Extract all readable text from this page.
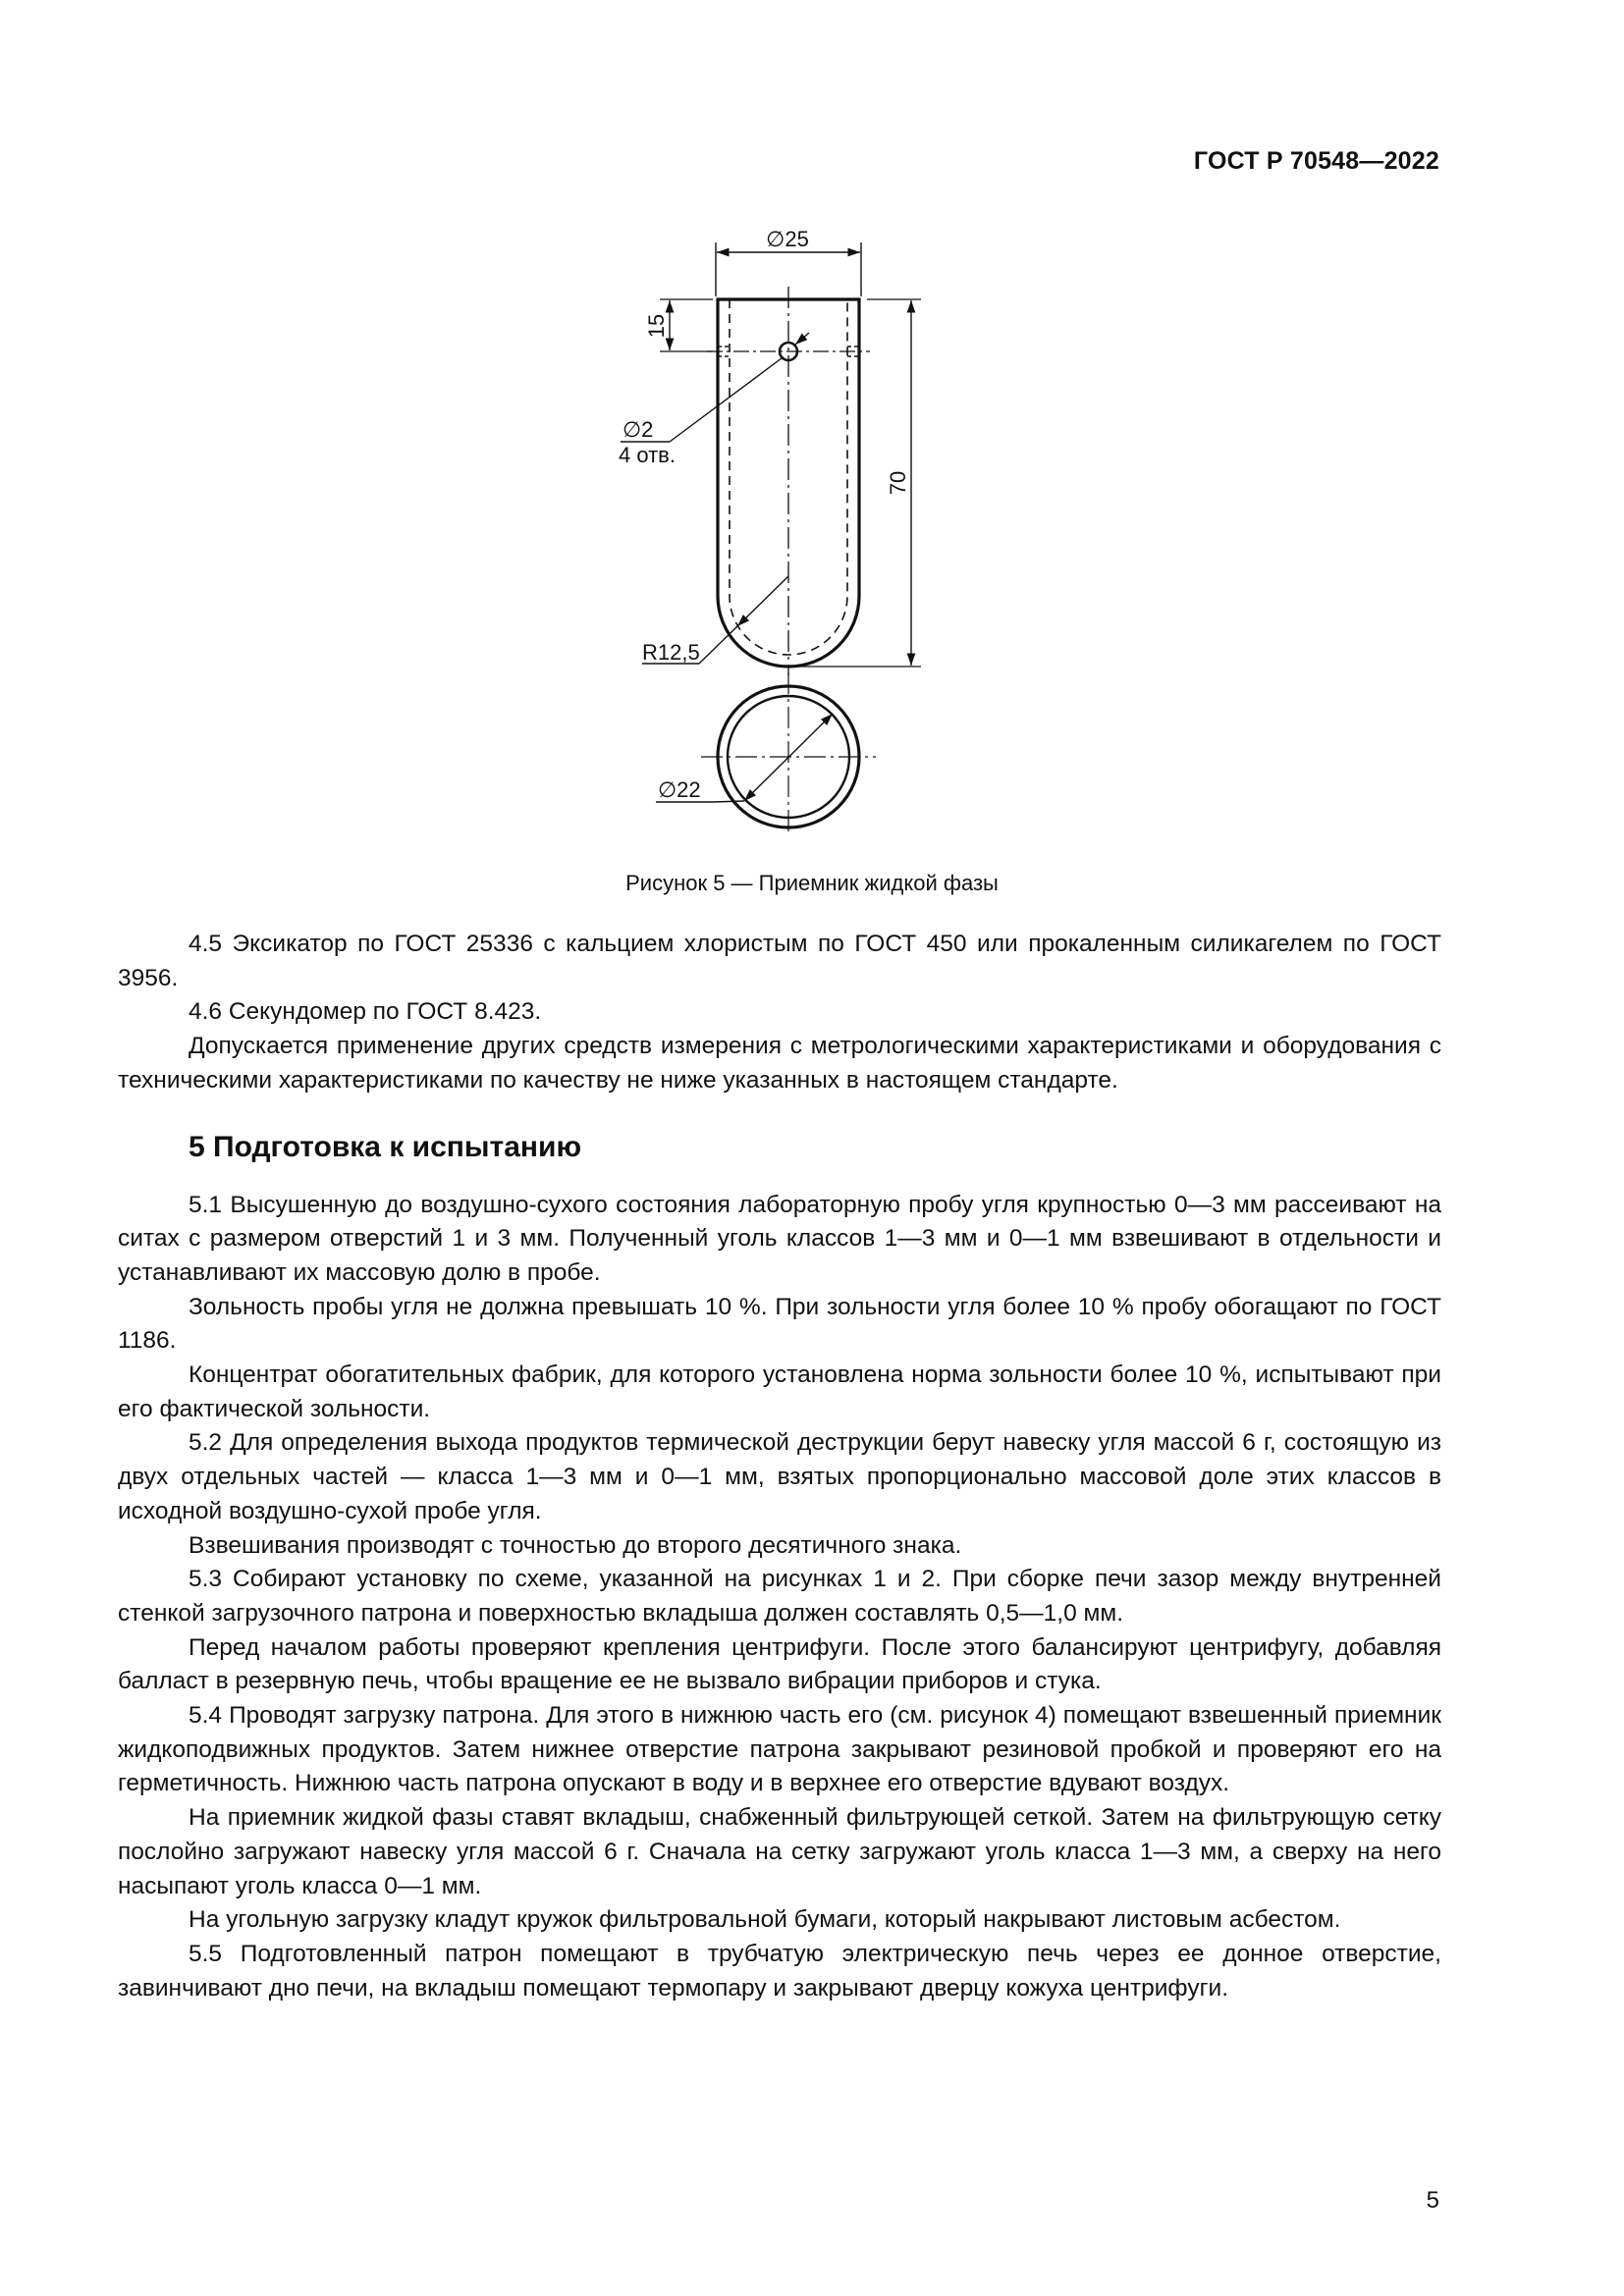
ГОСТ Р 70548—2022
∅25
15
∅2
4 отв.
70
R12,5
∅22
Рисунок 5 — Приемник жидкой фазы

4.5 Эксикатор по ГОСТ 25336 с кальцием хлористым по ГОСТ 450 или прокаленным силикагелем по ГОСТ 3956.

4.6 Секундомер по ГОСТ 8.423.

Допускается применение других средств измерения с метрологическими характеристиками и оборудования с техническими характеристиками по качеству не ниже указанных в настоящем стандарте.

5 Подготовка к испытанию

5.1 Высушенную до воздушно-сухого состояния лабораторную пробу угля крупностью 0—3 мм рассеивают на ситах с размером отверстий 1 и 3 мм. Полученный уголь классов 1—3 мм и 0—1 мм взвешивают в отдельности и устанавливают их массовую долю в пробе.

Зольность пробы угля не должна превышать 10 %. При зольности угля более 10 % пробу обогащают по ГОСТ 1186.

Концентрат обогатительных фабрик, для которого установлена норма зольности более 10 %, испытывают при его фактической зольности.

5.2 Для определения выхода продуктов термической деструкции берут навеску угля массой 6 г, состоящую из двух отдельных частей — класса 1—3 мм и 0—1 мм, взятых пропорционально массовой доле этих классов в исходной воздушно-сухой пробе угля.

Взвешивания производят с точностью до второго десятичного знака.

5.3 Собирают установку по схеме, указанной на рисунках 1 и 2. При сборке печи зазор между внутренней стенкой загрузочного патрона и поверхностью вкладыша должен составлять 0,5—1,0 мм.

Перед началом работы проверяют крепления центрифуги. После этого балансируют центрифугу, добавляя балласт в резервную печь, чтобы вращение ее не вызвало вибрации приборов и стука.

5.4 Проводят загрузку патрона. Для этого в нижнюю часть его (см. рисунок 4) помещают взвешенный приемник жидкоподвижных продуктов. Затем нижнее отверстие патрона закрывают резиновой пробкой и проверяют его на герметичность. Нижнюю часть патрона опускают в воду и в верхнее его отверстие вдувают воздух.

На приемник жидкой фазы ставят вкладыш, снабженный фильтрующей сеткой. Затем на фильтрующую сетку послойно загружают навеску угля массой 6 г. Сначала на сетку загружают уголь класса 1—3 мм, а сверху на него насыпают уголь класса 0—1 мм.

На угольную загрузку кладут кружок фильтровальной бумаги, который накрывают листовым асбестом.

5.5 Подготовленный патрон помещают в трубчатую электрическую печь через ее донное отверстие, завинчивают дно печи, на вкладыш помещают термопару и закрывают дверцу кожуха центрифуги.

5
